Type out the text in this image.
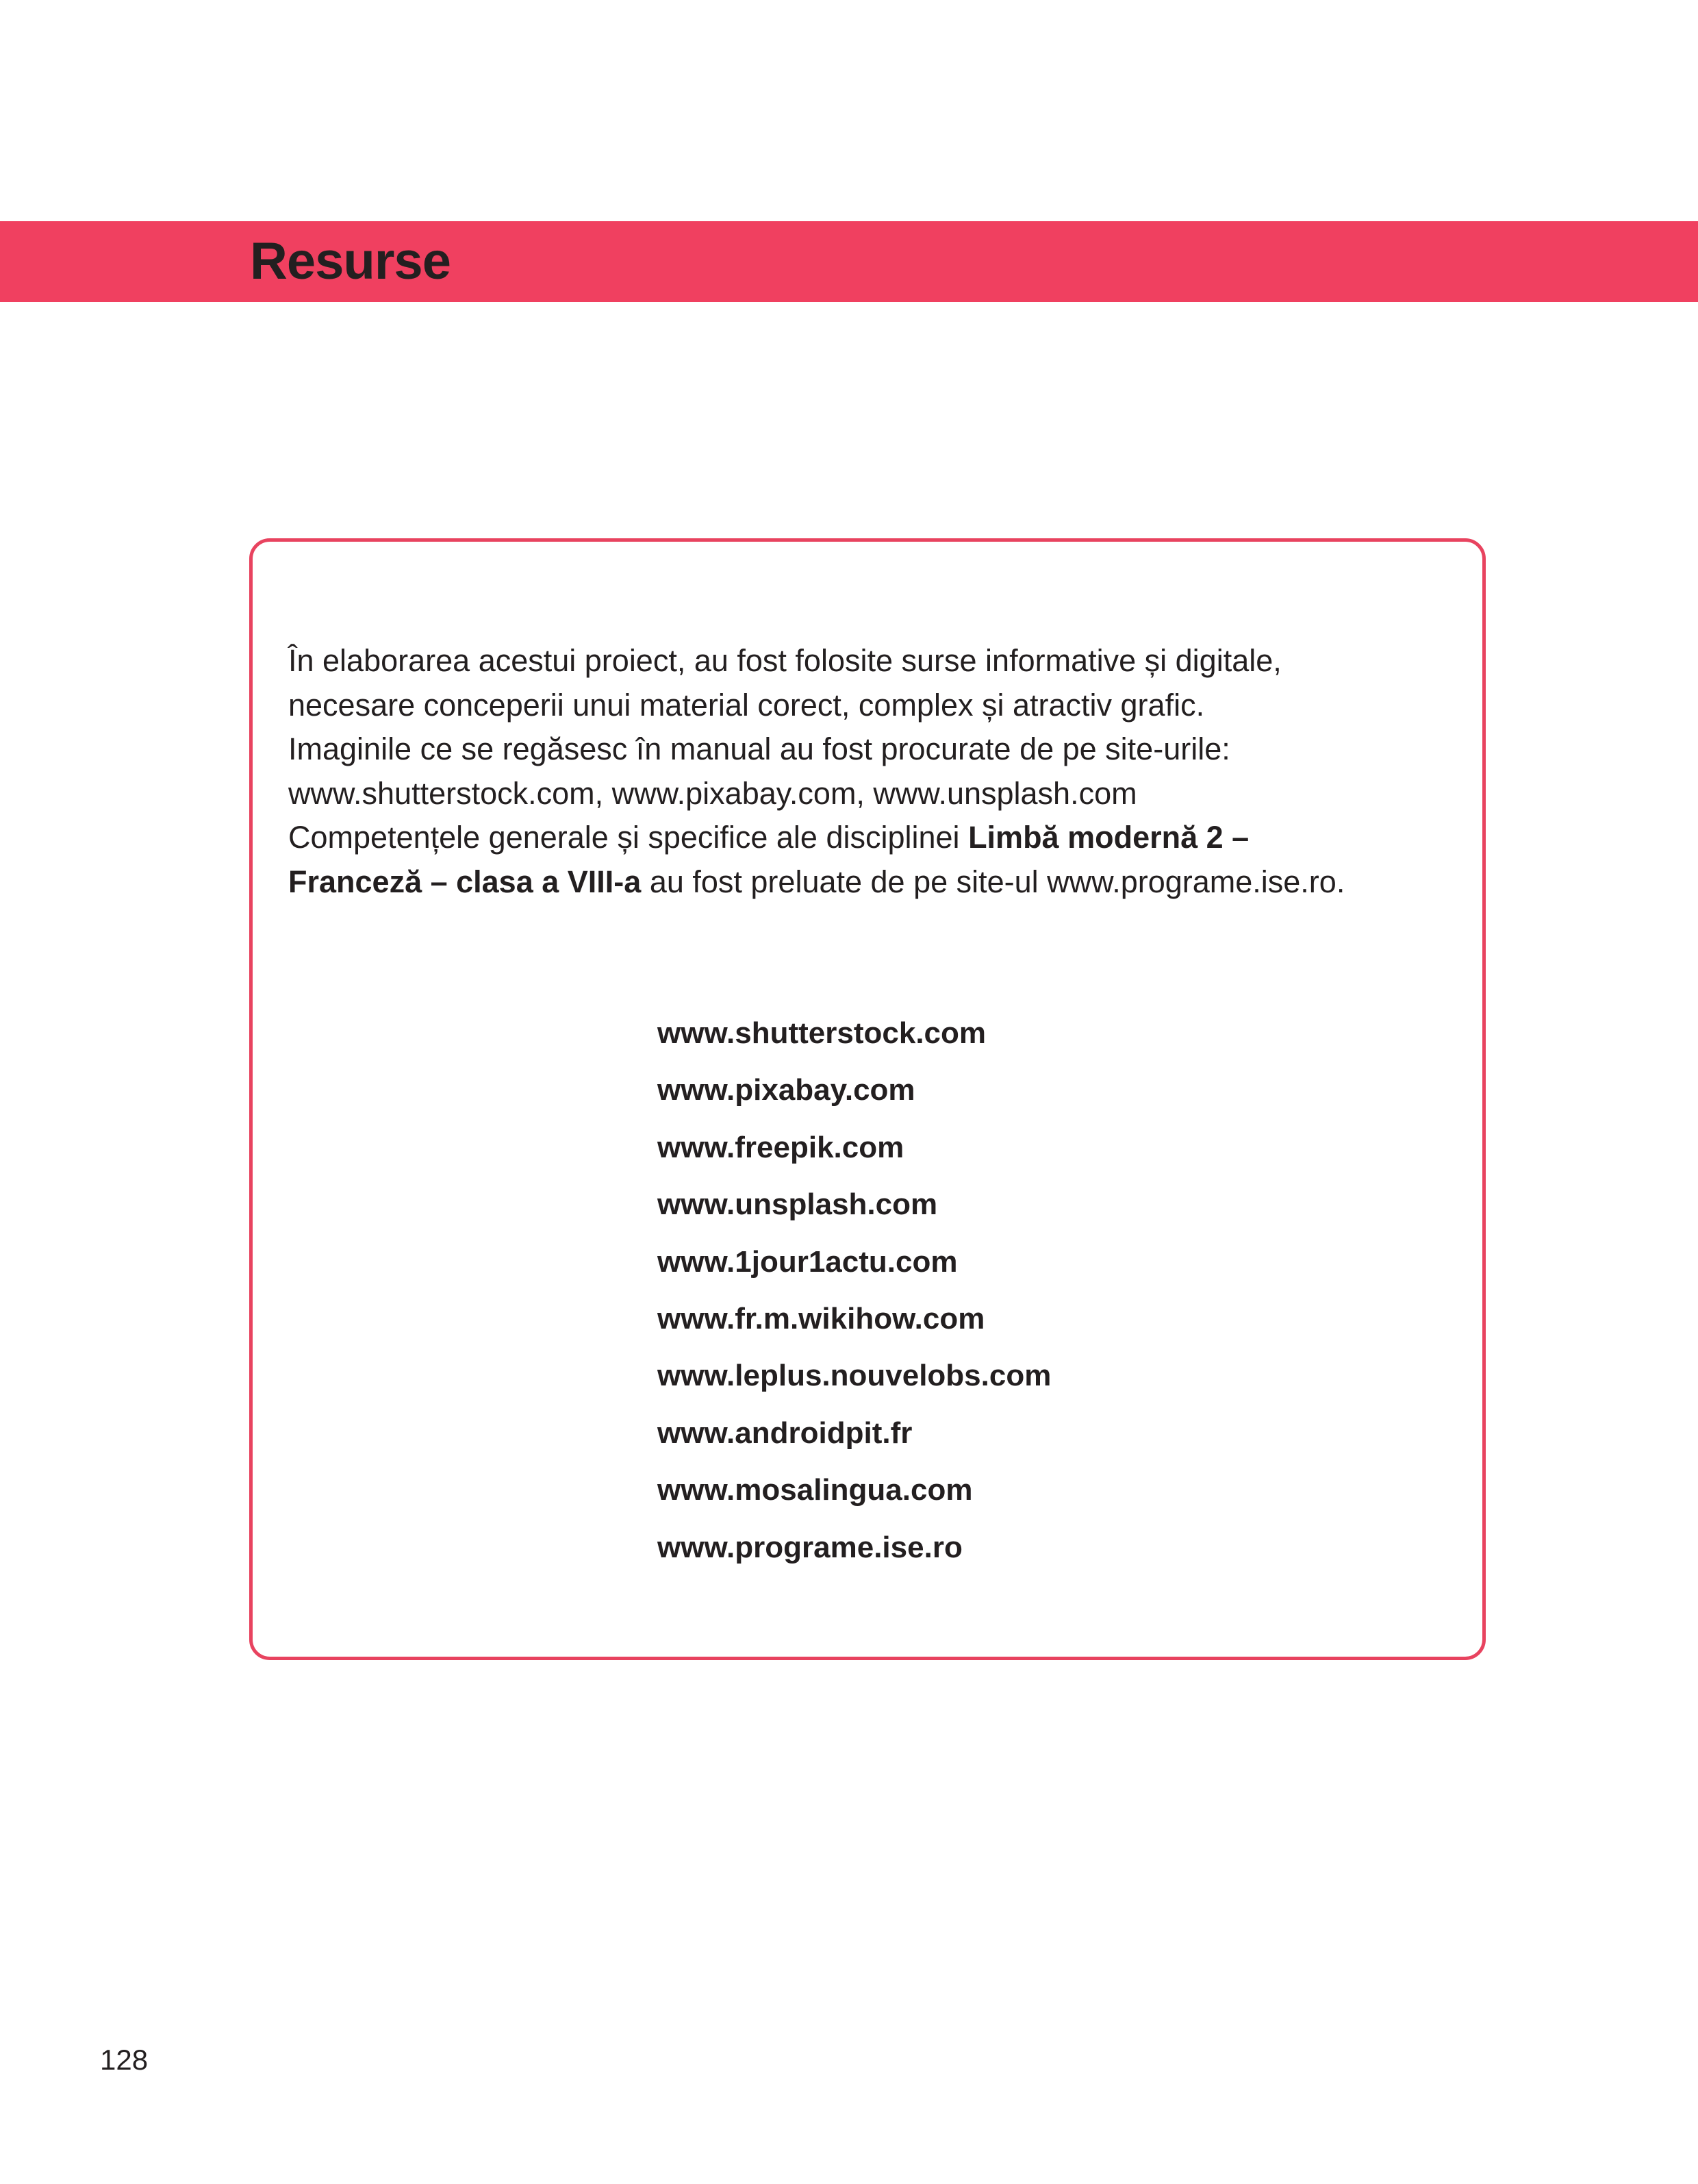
Resurse

În elaborarea acestui proiect, au fost folosite surse informative și digitale,

necesare conceperii unui material corect, complex și atractiv grafic.

Imaginile ce se regăsesc în manual au fost procurate de pe site-urile:

www.shutterstock.com, www.pixabay.com, www.unsplash.com

Competențele generale și specifice ale disciplinei Limbă modernă 2 –

Franceză – clasa a VIII-a au fost preluate de pe site-ul www.programe.ise.ro.

www.shutterstock.com
www.pixabay.com
www.freepik.com
www.unsplash.com
www.1jour1actu.com
www.fr.m.wikihow.com
www.leplus.nouvelobs.com
www.androidpit.fr
www.mosalingua.com
www.programe.ise.ro
128
